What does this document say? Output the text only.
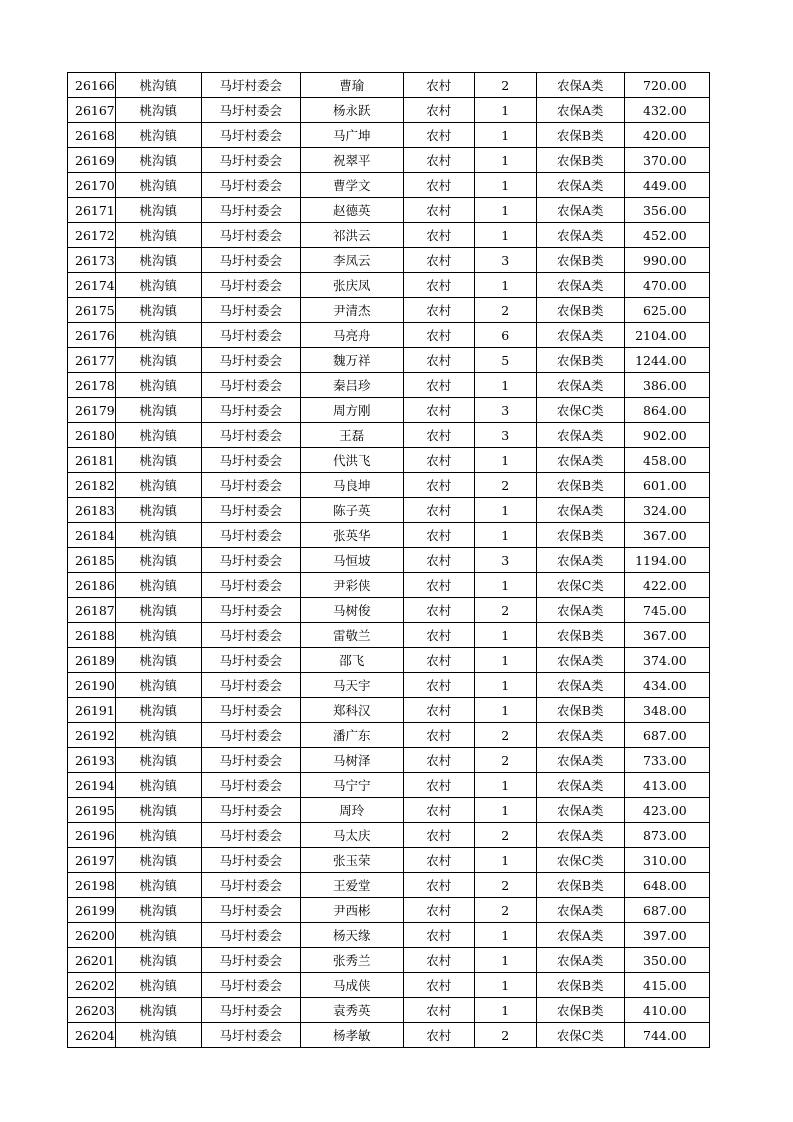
26166	桃沟镇	马圩村委会	曹瑜	农村	2	农保A类	720.00
26167	桃沟镇	马圩村委会	杨永跃	农村	1	农保A类	432.00
26168	桃沟镇	马圩村委会	马广坤	农村	1	农保B类	420.00
26169	桃沟镇	马圩村委会	祝翠平	农村	1	农保B类	370.00
26170	桃沟镇	马圩村委会	曹学文	农村	1	农保A类	449.00
26171	桃沟镇	马圩村委会	赵德英	农村	1	农保A类	356.00
26172	桃沟镇	马圩村委会	祁洪云	农村	1	农保A类	452.00
26173	桃沟镇	马圩村委会	李凤云	农村	3	农保B类	990.00
26174	桃沟镇	马圩村委会	张庆凤	农村	1	农保A类	470.00
26175	桃沟镇	马圩村委会	尹清杰	农村	2	农保B类	625.00
26176	桃沟镇	马圩村委会	马亮舟	农村	6	农保A类	2104.00
26177	桃沟镇	马圩村委会	魏万祥	农村	5	农保B类	1244.00
26178	桃沟镇	马圩村委会	秦吕珍	农村	1	农保A类	386.00
26179	桃沟镇	马圩村委会	周方刚	农村	3	农保C类	864.00
26180	桃沟镇	马圩村委会	王磊	农村	3	农保A类	902.00
26181	桃沟镇	马圩村委会	代洪飞	农村	1	农保A类	458.00
26182	桃沟镇	马圩村委会	马良坤	农村	2	农保B类	601.00
26183	桃沟镇	马圩村委会	陈子英	农村	1	农保A类	324.00
26184	桃沟镇	马圩村委会	张英华	农村	1	农保B类	367.00
26185	桃沟镇	马圩村委会	马恒坡	农村	3	农保A类	1194.00
26186	桃沟镇	马圩村委会	尹彩侠	农村	1	农保C类	422.00
26187	桃沟镇	马圩村委会	马树俊	农村	2	农保A类	745.00
26188	桃沟镇	马圩村委会	雷敬兰	农村	1	农保B类	367.00
26189	桃沟镇	马圩村委会	邵飞	农村	1	农保A类	374.00
26190	桃沟镇	马圩村委会	马天宇	农村	1	农保A类	434.00
26191	桃沟镇	马圩村委会	郑科汉	农村	1	农保B类	348.00
26192	桃沟镇	马圩村委会	潘广东	农村	2	农保A类	687.00
26193	桃沟镇	马圩村委会	马树泽	农村	2	农保A类	733.00
26194	桃沟镇	马圩村委会	马宁宁	农村	1	农保A类	413.00
26195	桃沟镇	马圩村委会	周玲	农村	1	农保A类	423.00
26196	桃沟镇	马圩村委会	马太庆	农村	2	农保A类	873.00
26197	桃沟镇	马圩村委会	张玉荣	农村	1	农保C类	310.00
26198	桃沟镇	马圩村委会	王爱堂	农村	2	农保B类	648.00
26199	桃沟镇	马圩村委会	尹西彬	农村	2	农保A类	687.00
26200	桃沟镇	马圩村委会	杨天缘	农村	1	农保A类	397.00
26201	桃沟镇	马圩村委会	张秀兰	农村	1	农保A类	350.00
26202	桃沟镇	马圩村委会	马成侠	农村	1	农保B类	415.00
26203	桃沟镇	马圩村委会	袁秀英	农村	1	农保B类	410.00
26204	桃沟镇	马圩村委会	杨孝敏	农村	2	农保C类	744.00
